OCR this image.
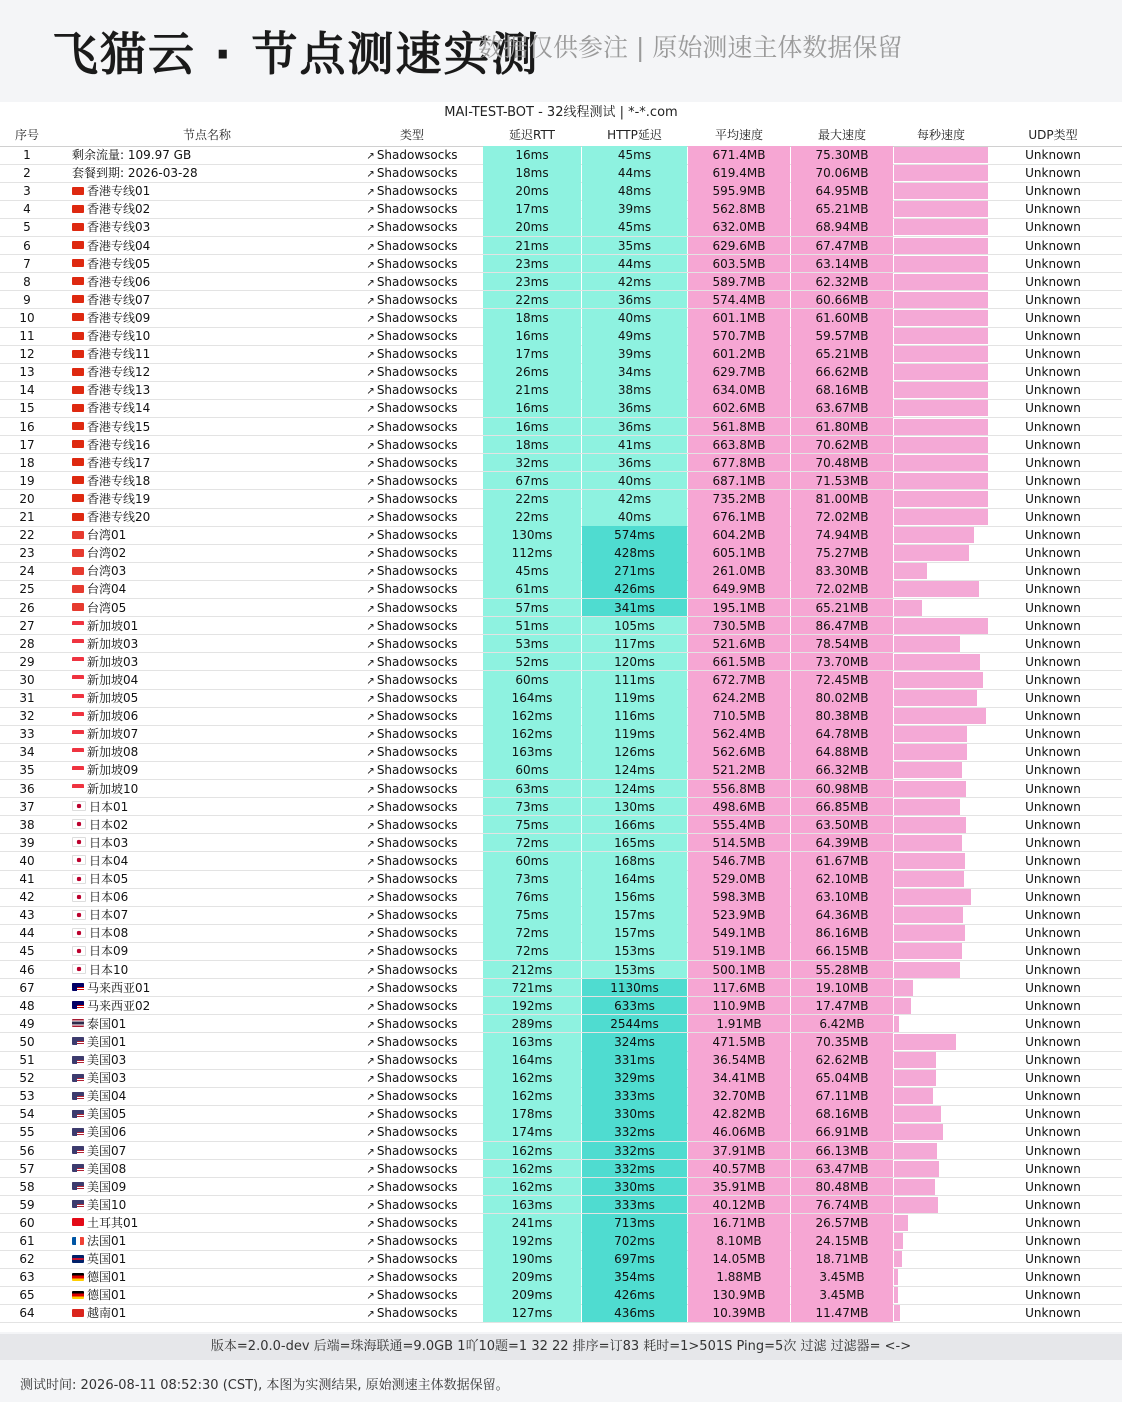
飞猫云 · 节点测速实测
数据仅供参注 | 原始测速主体数据保留
MAI-TEST-BOT - 32线程测试 | *-*.com
序号	节点名称	类型	延迟RTT	HTTP延迟	平均速度	最大速度	每秒速度	UDP类型
1	剩余流量: 109.97 GB	↗ Shadowsocks	16ms	45ms	671.4MB	75.30MB	Unknown
2	套餐到期: 2026-03-28	↗ Shadowsocks	18ms	44ms	619.4MB	70.06MB	Unknown
3	香港专线01	↗ Shadowsocks	20ms	48ms	595.9MB	64.95MB	Unknown
4	香港专线02	↗ Shadowsocks	17ms	39ms	562.8MB	65.21MB	Unknown
5	香港专线03	↗ Shadowsocks	20ms	45ms	632.0MB	68.94MB	Unknown
6	香港专线04	↗ Shadowsocks	21ms	35ms	629.6MB	67.47MB	Unknown
7	香港专线05	↗ Shadowsocks	23ms	44ms	603.5MB	63.14MB	Unknown
8	香港专线06	↗ Shadowsocks	23ms	42ms	589.7MB	62.32MB	Unknown
9	香港专线07	↗ Shadowsocks	22ms	36ms	574.4MB	60.66MB	Unknown
10	香港专线09	↗ Shadowsocks	18ms	40ms	601.1MB	61.60MB	Unknown
11	香港专线10	↗ Shadowsocks	16ms	49ms	570.7MB	59.57MB	Unknown
12	香港专线11	↗ Shadowsocks	17ms	39ms	601.2MB	65.21MB	Unknown
13	香港专线12	↗ Shadowsocks	26ms	34ms	629.7MB	66.62MB	Unknown
14	香港专线13	↗ Shadowsocks	21ms	38ms	634.0MB	68.16MB	Unknown
15	香港专线14	↗ Shadowsocks	16ms	36ms	602.6MB	63.67MB	Unknown
16	香港专线15	↗ Shadowsocks	16ms	36ms	561.8MB	61.80MB	Unknown
17	香港专线16	↗ Shadowsocks	18ms	41ms	663.8MB	70.62MB	Unknown
18	香港专线17	↗ Shadowsocks	32ms	36ms	677.8MB	70.48MB	Unknown
19	香港专线18	↗ Shadowsocks	67ms	40ms	687.1MB	71.53MB	Unknown
20	香港专线19	↗ Shadowsocks	22ms	42ms	735.2MB	81.00MB	Unknown
21	香港专线20	↗ Shadowsocks	22ms	40ms	676.1MB	72.02MB	Unknown
22	台湾01	↗ Shadowsocks	130ms	574ms	604.2MB	74.94MB	Unknown
23	台湾02	↗ Shadowsocks	112ms	428ms	605.1MB	75.27MB	Unknown
24	台湾03	↗ Shadowsocks	45ms	271ms	261.0MB	83.30MB	Unknown
25	台湾04	↗ Shadowsocks	61ms	426ms	649.9MB	72.02MB	Unknown
26	台湾05	↗ Shadowsocks	57ms	341ms	195.1MB	65.21MB	Unknown
27	新加坡01	↗ Shadowsocks	51ms	105ms	730.5MB	86.47MB	Unknown
28	新加坡03	↗ Shadowsocks	53ms	117ms	521.6MB	78.54MB	Unknown
29	新加坡03	↗ Shadowsocks	52ms	120ms	661.5MB	73.70MB	Unknown
30	新加坡04	↗ Shadowsocks	60ms	111ms	672.7MB	72.45MB	Unknown
31	新加坡05	↗ Shadowsocks	164ms	119ms	624.2MB	80.02MB	Unknown
32	新加坡06	↗ Shadowsocks	162ms	116ms	710.5MB	80.38MB	Unknown
33	新加坡07	↗ Shadowsocks	162ms	119ms	562.4MB	64.78MB	Unknown
34	新加坡08	↗ Shadowsocks	163ms	126ms	562.6MB	64.88MB	Unknown
35	新加坡09	↗ Shadowsocks	60ms	124ms	521.2MB	66.32MB	Unknown
36	新加坡10	↗ Shadowsocks	63ms	124ms	556.8MB	60.98MB	Unknown
37	日本01	↗ Shadowsocks	73ms	130ms	498.6MB	66.85MB	Unknown
38	日本02	↗ Shadowsocks	75ms	166ms	555.4MB	63.50MB	Unknown
39	日本03	↗ Shadowsocks	72ms	165ms	514.5MB	64.39MB	Unknown
40	日本04	↗ Shadowsocks	60ms	168ms	546.7MB	61.67MB	Unknown
41	日本05	↗ Shadowsocks	73ms	164ms	529.0MB	62.10MB	Unknown
42	日本06	↗ Shadowsocks	76ms	156ms	598.3MB	63.10MB	Unknown
43	日本07	↗ Shadowsocks	75ms	157ms	523.9MB	64.36MB	Unknown
44	日本08	↗ Shadowsocks	72ms	157ms	549.1MB	86.16MB	Unknown
45	日本09	↗ Shadowsocks	72ms	153ms	519.1MB	66.15MB	Unknown
46	日本10	↗ Shadowsocks	212ms	153ms	500.1MB	55.28MB	Unknown
67	马来西亚01	↗ Shadowsocks	721ms	1130ms	117.6MB	19.10MB	Unknown
48	马来西亚02	↗ Shadowsocks	192ms	633ms	110.9MB	17.47MB	Unknown
49	泰国01	↗ Shadowsocks	289ms	2544ms	1.91MB	6.42MB	Unknown
50	美国01	↗ Shadowsocks	163ms	324ms	471.5MB	70.35MB	Unknown
51	美国03	↗ Shadowsocks	164ms	331ms	36.54MB	62.62MB	Unknown
52	美国03	↗ Shadowsocks	162ms	329ms	34.41MB	65.04MB	Unknown
53	美国04	↗ Shadowsocks	162ms	333ms	32.70MB	67.11MB	Unknown
54	美国05	↗ Shadowsocks	178ms	330ms	42.82MB	68.16MB	Unknown
55	美国06	↗ Shadowsocks	174ms	332ms	46.06MB	66.91MB	Unknown
56	美国07	↗ Shadowsocks	162ms	332ms	37.91MB	66.13MB	Unknown
57	美国08	↗ Shadowsocks	162ms	332ms	40.57MB	63.47MB	Unknown
58	美国09	↗ Shadowsocks	162ms	330ms	35.91MB	80.48MB	Unknown
59	美国10	↗ Shadowsocks	163ms	333ms	40.12MB	76.74MB	Unknown
60	土耳其01	↗ Shadowsocks	241ms	713ms	16.71MB	26.57MB	Unknown
61	法国01	↗ Shadowsocks	192ms	702ms	8.10MB	24.15MB	Unknown
62	英国01	↗ Shadowsocks	190ms	697ms	14.05MB	18.71MB	Unknown
63	德国01	↗ Shadowsocks	209ms	354ms	1.88MB	3.45MB	Unknown
65	德国01	↗ Shadowsocks	209ms	426ms	130.9MB	3.45MB	Unknown
64	越南01	↗ Shadowsocks	127ms	436ms	10.39MB	11.47MB	Unknown
版本=2.0.0-dev 后端=珠海联通=9.0GB 1吖10题=1 32 22 排序=订83 耗时=1>501S Ping=5次 过滤 过滤器= <->
测试时间: 2026-08-11 08:52:30 (CST), 本图为实测结果, 原始测速主体数据保留。
